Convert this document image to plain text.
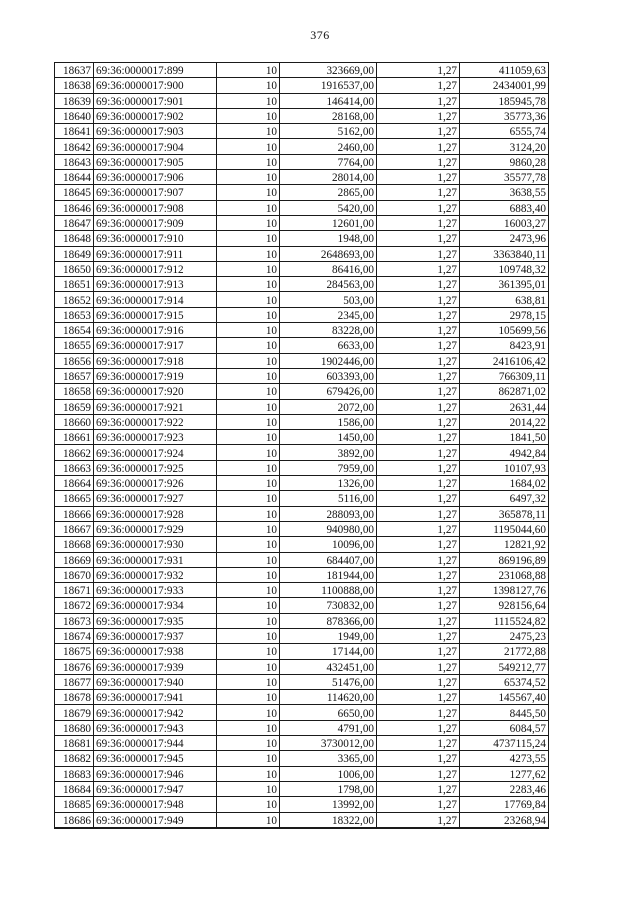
376
18637	69:36:0000017:899	10	323669,00	1,27	411059,63
18638	69:36:0000017:900	10	1916537,00	1,27	2434001,99
18639	69:36:0000017:901	10	146414,00	1,27	185945,78
18640	69:36:0000017:902	10	28168,00	1,27	35773,36
18641	69:36:0000017:903	10	5162,00	1,27	6555,74
18642	69:36:0000017:904	10	2460,00	1,27	3124,20
18643	69:36:0000017:905	10	7764,00	1,27	9860,28
18644	69:36:0000017:906	10	28014,00	1,27	35577,78
18645	69:36:0000017:907	10	2865,00	1,27	3638,55
18646	69:36:0000017:908	10	5420,00	1,27	6883,40
18647	69:36:0000017:909	10	12601,00	1,27	16003,27
18648	69:36:0000017:910	10	1948,00	1,27	2473,96
18649	69:36:0000017:911	10	2648693,00	1,27	3363840,11
18650	69:36:0000017:912	10	86416,00	1,27	109748,32
18651	69:36:0000017:913	10	284563,00	1,27	361395,01
18652	69:36:0000017:914	10	503,00	1,27	638,81
18653	69:36:0000017:915	10	2345,00	1,27	2978,15
18654	69:36:0000017:916	10	83228,00	1,27	105699,56
18655	69:36:0000017:917	10	6633,00	1,27	8423,91
18656	69:36:0000017:918	10	1902446,00	1,27	2416106,42
18657	69:36:0000017:919	10	603393,00	1,27	766309,11
18658	69:36:0000017:920	10	679426,00	1,27	862871,02
18659	69:36:0000017:921	10	2072,00	1,27	2631,44
18660	69:36:0000017:922	10	1586,00	1,27	2014,22
18661	69:36:0000017:923	10	1450,00	1,27	1841,50
18662	69:36:0000017:924	10	3892,00	1,27	4942,84
18663	69:36:0000017:925	10	7959,00	1,27	10107,93
18664	69:36:0000017:926	10	1326,00	1,27	1684,02
18665	69:36:0000017:927	10	5116,00	1,27	6497,32
18666	69:36:0000017:928	10	288093,00	1,27	365878,11
18667	69:36:0000017:929	10	940980,00	1,27	1195044,60
18668	69:36:0000017:930	10	10096,00	1,27	12821,92
18669	69:36:0000017:931	10	684407,00	1,27	869196,89
18670	69:36:0000017:932	10	181944,00	1,27	231068,88
18671	69:36:0000017:933	10	1100888,00	1,27	1398127,76
18672	69:36:0000017:934	10	730832,00	1,27	928156,64
18673	69:36:0000017:935	10	878366,00	1,27	1115524,82
18674	69:36:0000017:937	10	1949,00	1,27	2475,23
18675	69:36:0000017:938	10	17144,00	1,27	21772,88
18676	69:36:0000017:939	10	432451,00	1,27	549212,77
18677	69:36:0000017:940	10	51476,00	1,27	65374,52
18678	69:36:0000017:941	10	114620,00	1,27	145567,40
18679	69:36:0000017:942	10	6650,00	1,27	8445,50
18680	69:36:0000017:943	10	4791,00	1,27	6084,57
18681	69:36:0000017:944	10	3730012,00	1,27	4737115,24
18682	69:36:0000017:945	10	3365,00	1,27	4273,55
18683	69:36:0000017:946	10	1006,00	1,27	1277,62
18684	69:36:0000017:947	10	1798,00	1,27	2283,46
18685	69:36:0000017:948	10	13992,00	1,27	17769,84
18686	69:36:0000017:949	10	18322,00	1,27	23268,94
